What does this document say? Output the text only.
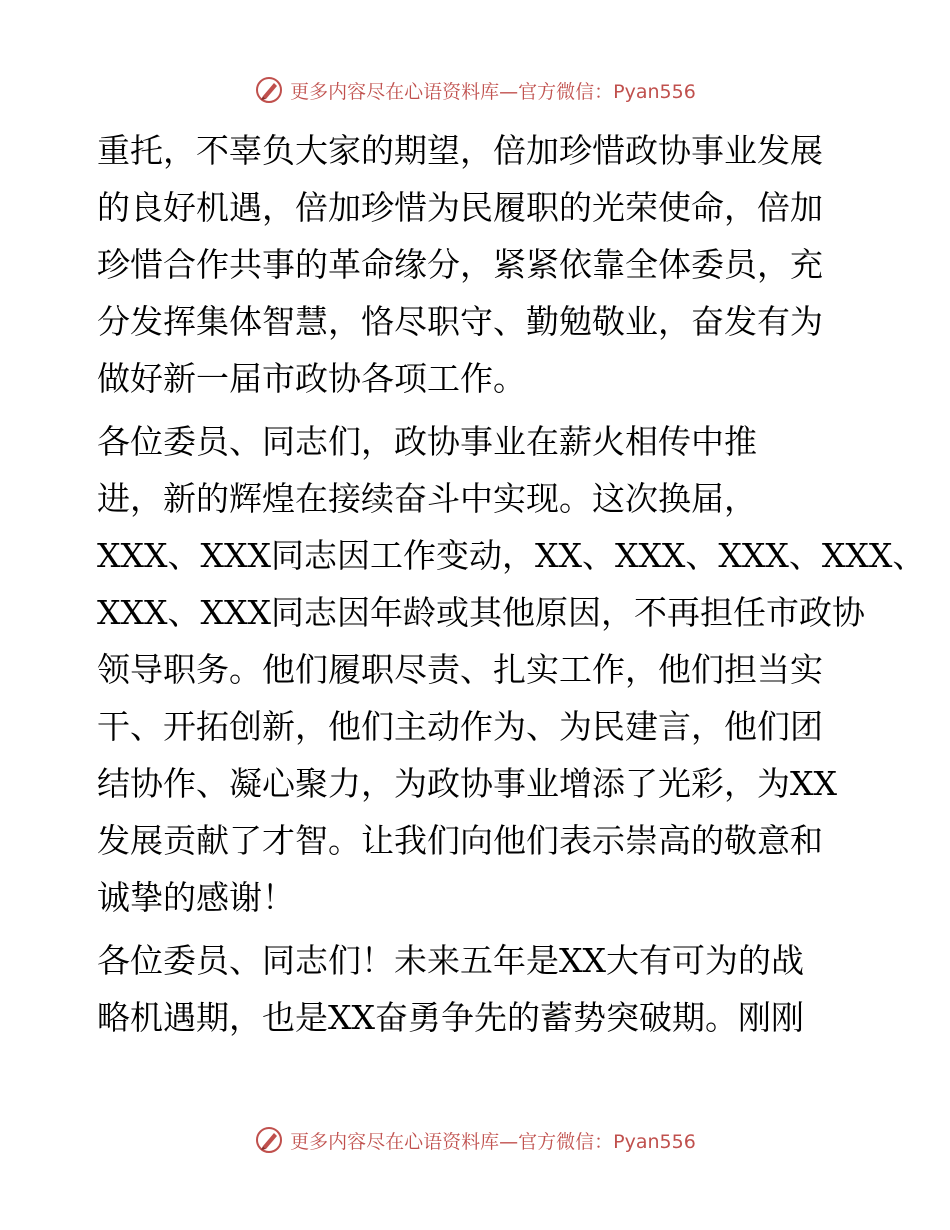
更多内容尽在心语资料库—官方微信：Pyan556
重托，不辜负大家的期望，倍加珍惜政协事业发展
的良好机遇，倍加珍惜为民履职的光荣使命，倍加
珍惜合作共事的革命缘分，紧紧依靠全体委员，充
分发挥集体智慧，恪尽职守、勤勉敬业，奋发有为
做好新一届市政协各项工作。
各位委员、同志们，政协事业在薪火相传中推
进，新的辉煌在接续奋斗中实现。这次换届，
XXX、XXX同志因工作变动，XX、XXX、XXX、XXX、
XXX、XXX同志因年龄或其他原因，不再担任市政协
领导职务。他们履职尽责、扎实工作，他们担当实
干、开拓创新，他们主动作为、为民建言，他们团
结协作、凝心聚力，为政协事业增添了光彩，为XX
发展贡献了才智。让我们向他们表示崇高的敬意和
诚挚的感谢！
各位委员、同志们！未来五年是XX大有可为的战
略机遇期，也是XX奋勇争先的蓄势突破期。刚刚
更多内容尽在心语资料库—官方微信：Pyan556
